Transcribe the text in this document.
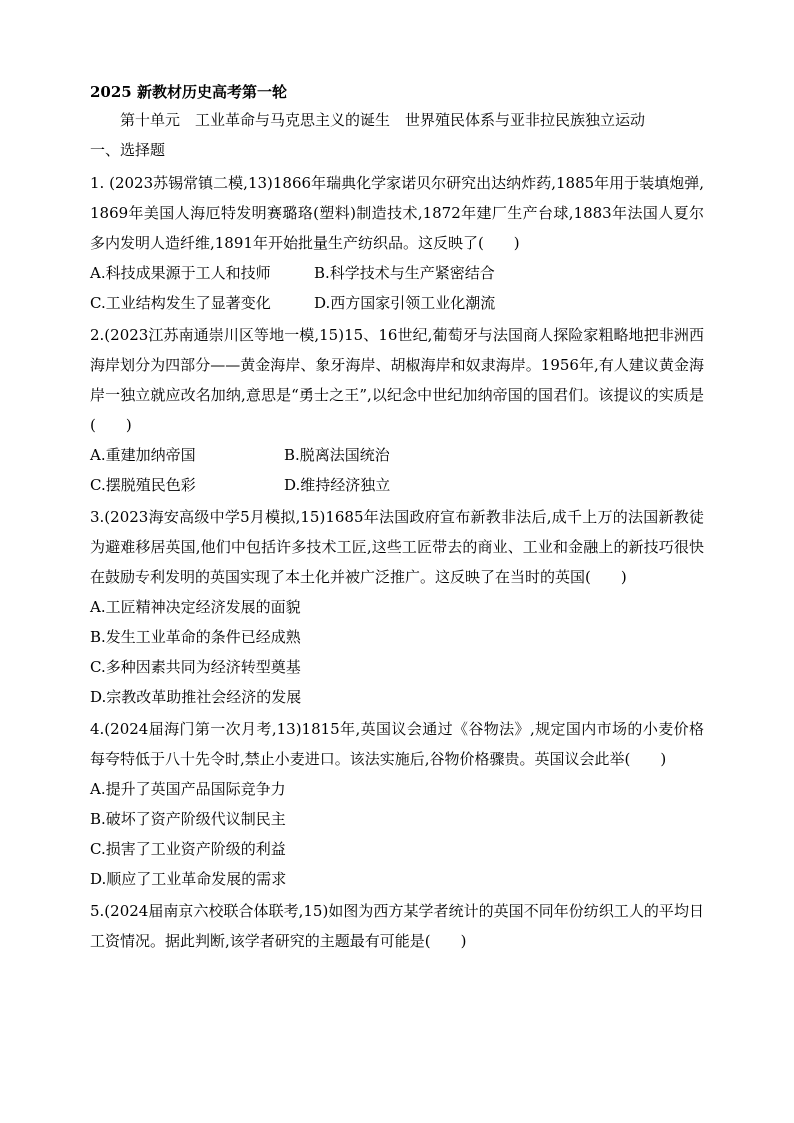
2025 新教材历史高考第一轮
第十单元　工业革命与马克思主义的诞生　世界殖民体系与亚非拉民族独立运动
一、选择题

1. (2023苏锡常镇二模,13)1866年瑞典化学家诺贝尔研究出达纳炸药,1885年用于装填炮弹,1869年美国人海厄特发明赛璐珞(塑料)制造技术,1872年建厂生产台球,1883年法国人夏尔多内发明人造纤维,1891年开始批量生产纺织品。这反映了(　　)

A.科技成果源于工人和技师	B.科学技术与生产紧密结合
C.工业结构发生了显著变化	D.西方国家引领工业化潮流

2.(2023江苏南通崇川区等地一模,15)15、16世纪,葡萄牙与法国商人探险家粗略地把非洲西海岸划分为四部分——黄金海岸、象牙海岸、胡椒海岸和奴隶海岸。1956年,有人建议黄金海岸一独立就应改名加纳,意思是“勇士之王”,以纪念中世纪加纳帝国的国君们。该提议的实质是(　　)

A.重建加纳帝国	B.脱离法国统治
C.摆脱殖民色彩	D.维持经济独立

3.(2023海安高级中学5月模拟,15)1685年法国政府宣布新教非法后,成千上万的法国新教徒为避难移居英国,他们中包括许多技术工匠,这些工匠带去的商业、工业和金融上的新技巧很快在鼓励专利发明的英国实现了本土化并被广泛推广。这反映了在当时的英国(　　)

A.工匠精神决定经济发展的面貌
B.发生工业革命的条件已经成熟
C.多种因素共同为经济转型奠基
D.宗教改革助推社会经济的发展

4.(2024届海门第一次月考,13)1815年,英国议会通过《谷物法》,规定国内市场的小麦价格每夸特低于八十先令时,禁止小麦进口。该法实施后,谷物价格骤贵。英国议会此举(　　)

A.提升了英国产品国际竞争力
B.破坏了资产阶级代议制民主
C.损害了工业资产阶级的利益
D.顺应了工业革命发展的需求

5.(2024届南京六校联合体联考,15)如图为西方某学者统计的英国不同年份纺织工人的平均日工资情况。据此判断,该学者研究的主题最有可能是(　　)
